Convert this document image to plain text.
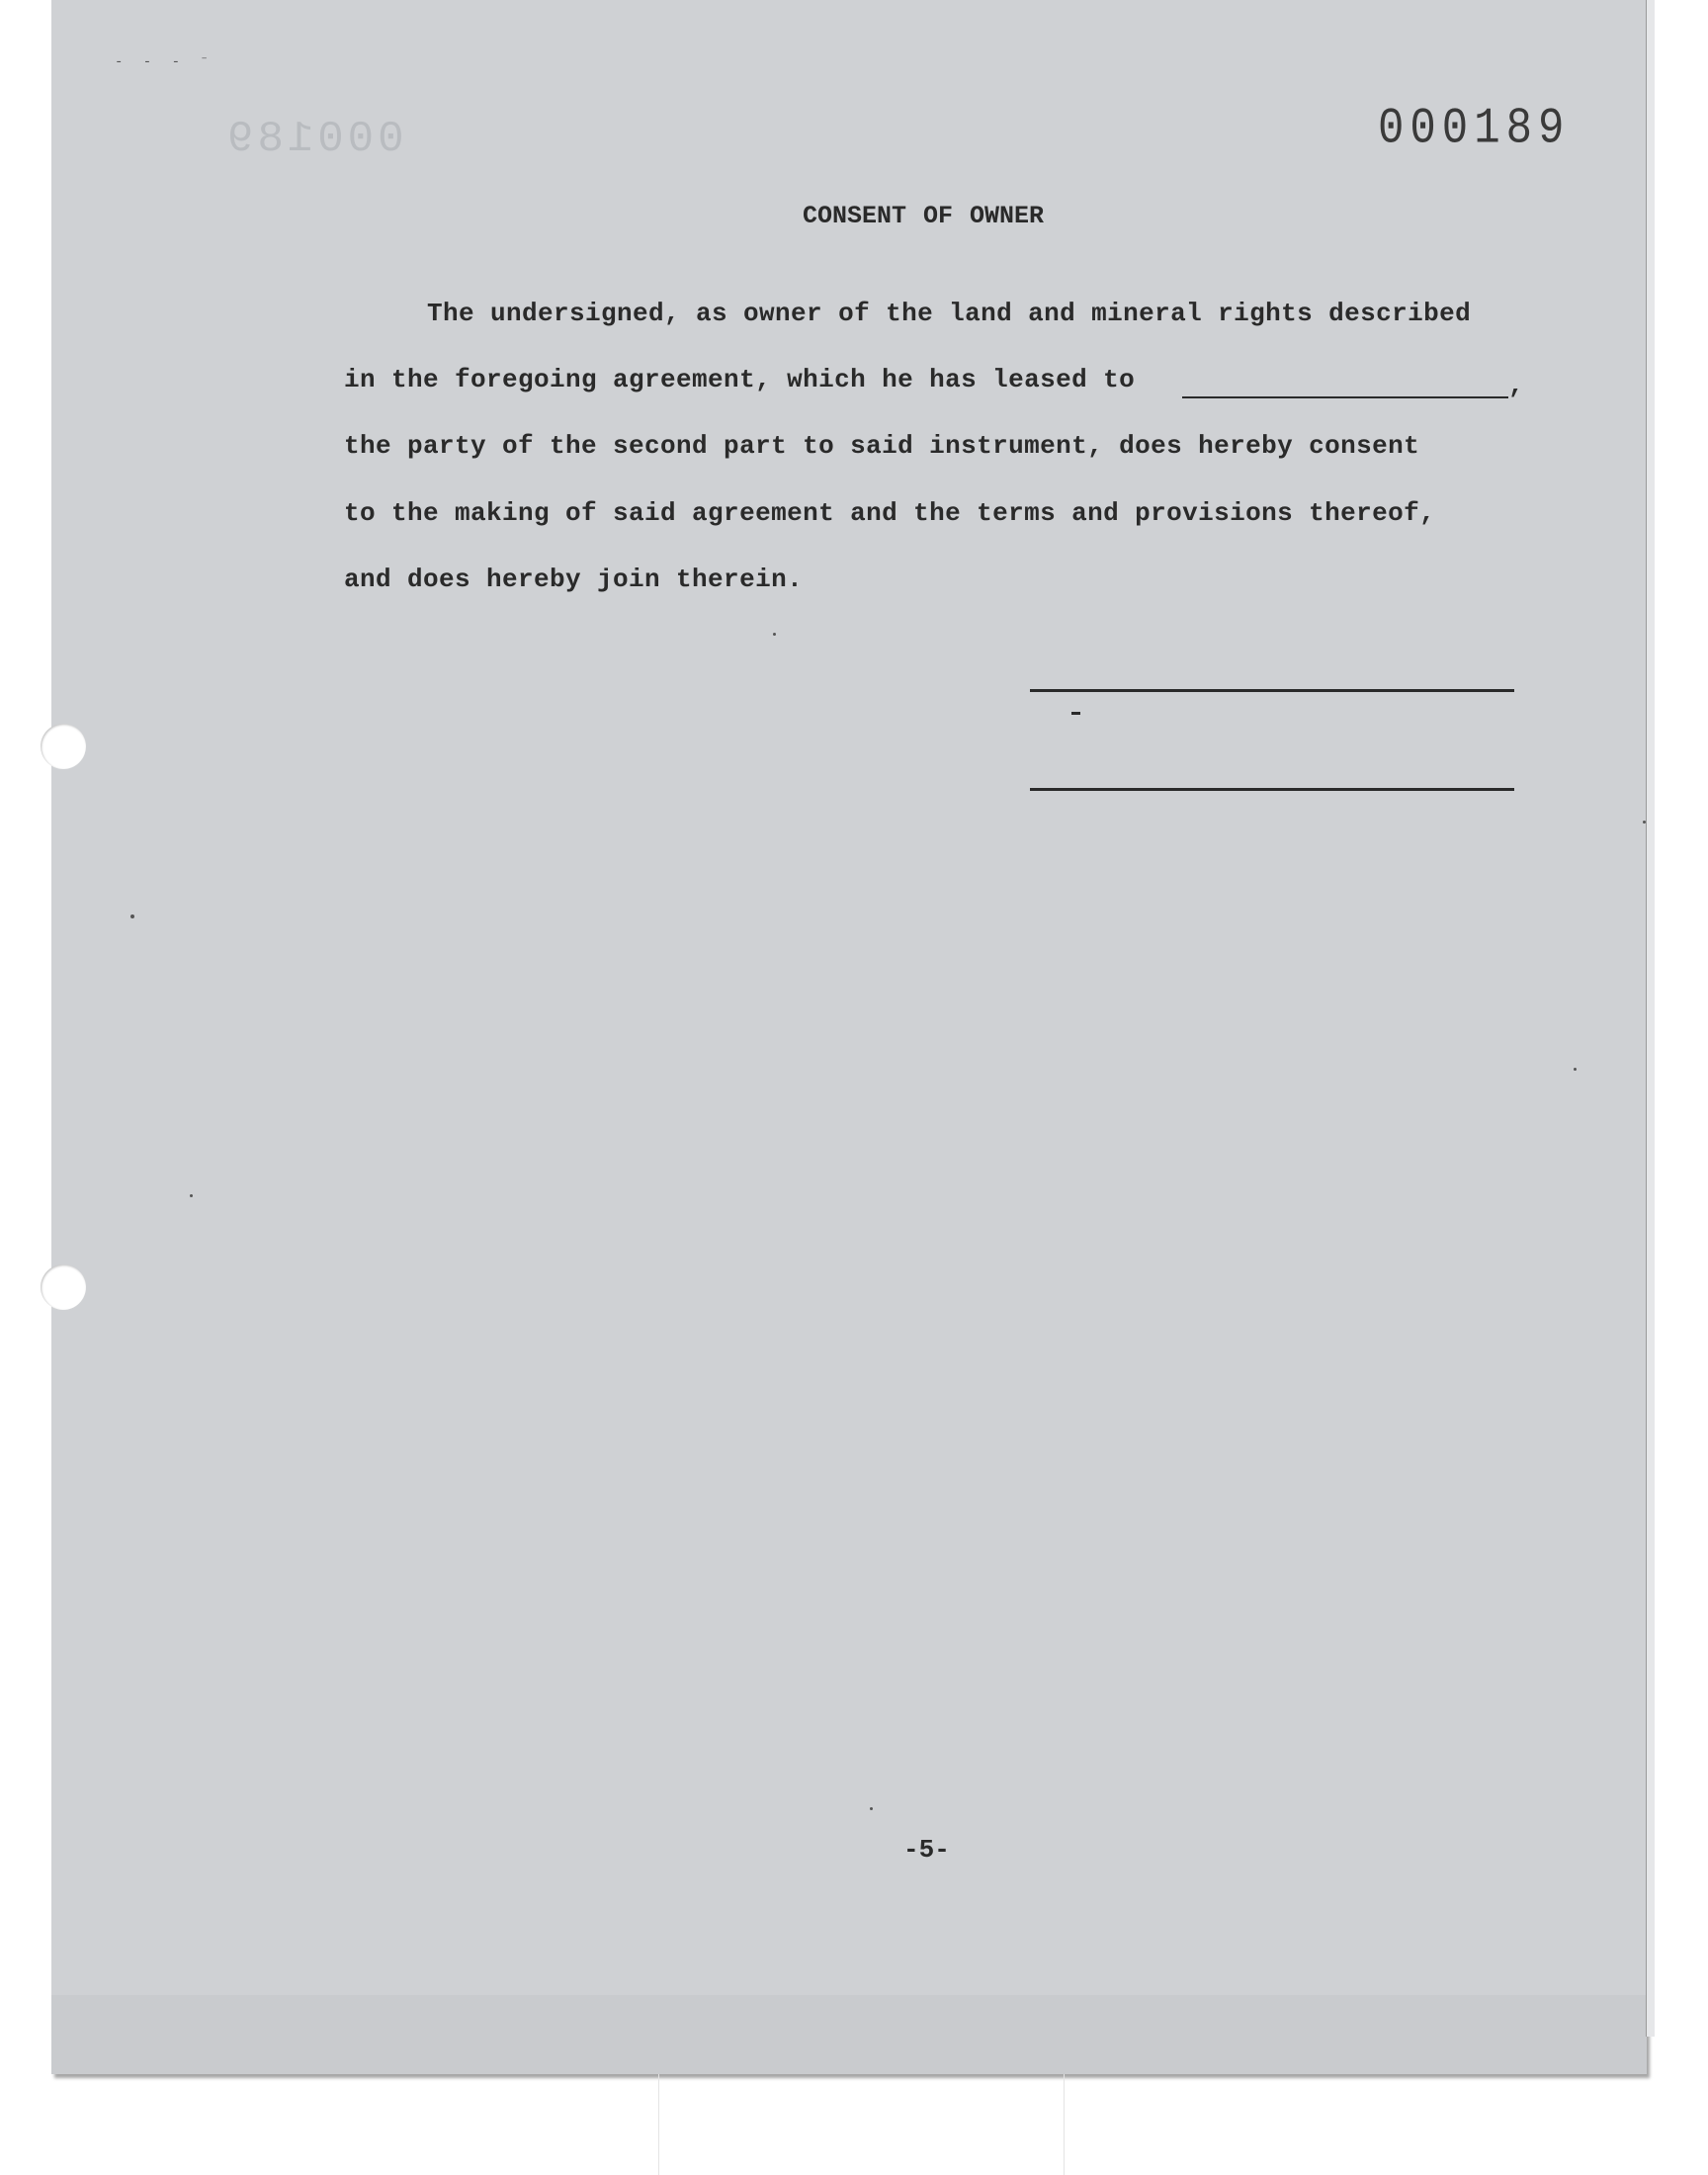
‐ ‑ ‐ ⁻
000189	000189
CONSENT OF OWNER
The undersigned, as owner of the land and mineral rights described
in the foregoing agreement, which he has leased to	,
the party of the second part to said instrument, does hereby consent
to the making of said agreement and the terms and provisions thereof,
and does hereby join therein.
-5-
